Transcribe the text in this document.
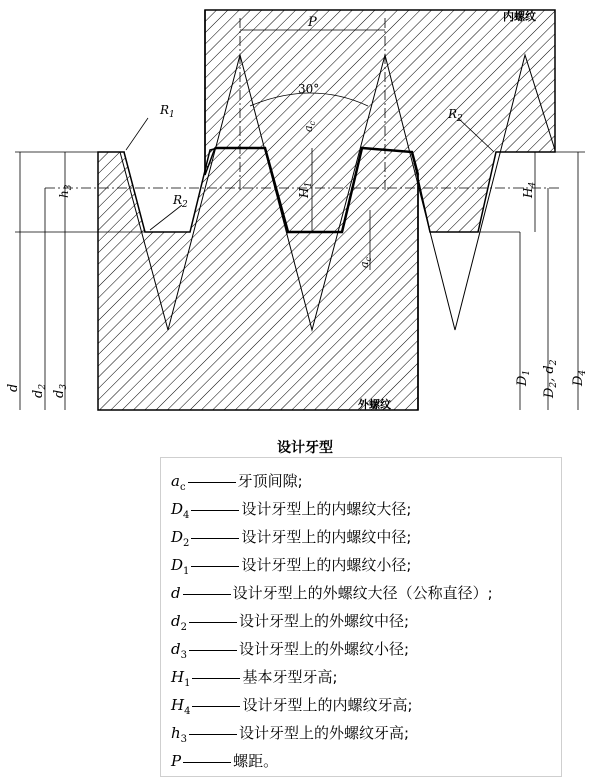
P
30°
内螺纹
外螺纹
$R_1$
$R_2$
$R_2$
$a_c$
$a_c$
$H_1$
$h_3$
$H_4$
d
$d_2$
$d_3$
$D_1$
$D_2$, $d_2$
$D_4$
设计牙型
$a_c$	牙顶间隙;
$D_4$	设计牙型上的内螺纹大径;
$D_2$	设计牙型上的内螺纹中径;
$D_1$	设计牙型上的内螺纹小径;
d	设计牙型上的外螺纹大径（公称直径）;
$d_2$	设计牙型上的外螺纹中径;
$d_3$	设计牙型上的外螺纹小径;
$H_1$	基本牙型牙高;
$H_4$	设计牙型上的内螺纹牙高;
$h_3$	设计牙型上的外螺纹牙高;
P	螺距。
